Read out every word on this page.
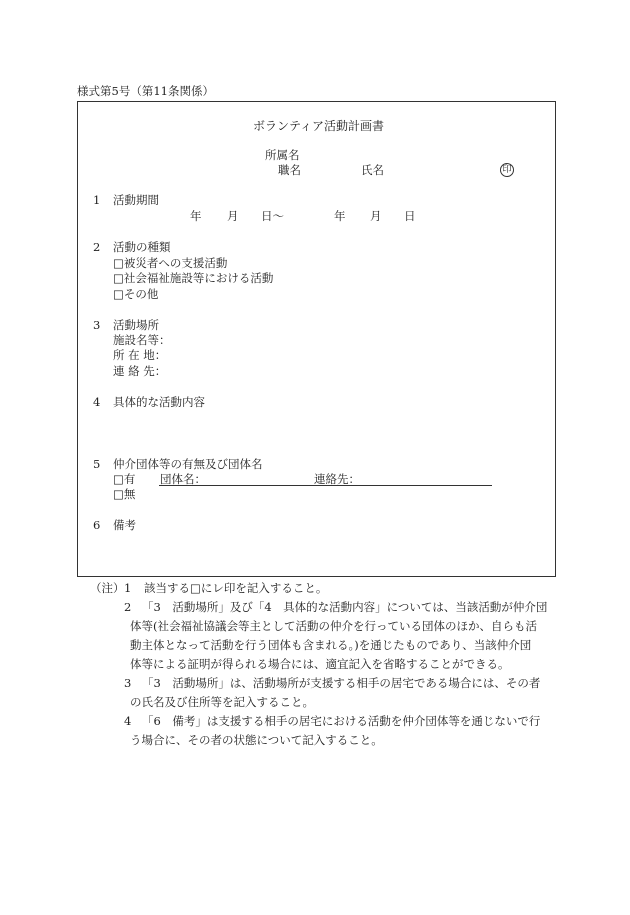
様式第5号（第11条関係）
ボランティア活動計画書
所属名
職名	氏名	印
1 活動期間
年 月 日～	年 月 日
2 活動の種類
□被災者への支援活動
□社会福祉施設等における活動
□その他
3 活動場所
施設名等：
所 在 地：
連 絡 先：
4 具体的な活動内容
5 仲介団体等の有無及び団体名
□有 団体名：	連絡先：
□無
6 備考
（注） 1 該当する□にレ印を記入すること。
2 「3　活動場所」及び「4　具体的な活動内容」については、当該活動が仲介団
体等(社会福祉協議会等主として活動の仲介を行っている団体のほか、自らも活
動主体となって活動を行う団体も含まれる。)を通じたものであり、当該仲介団
体等による証明が得られる場合には、適宜記入を省略することができる。
3 「3　活動場所」は、活動場所が支援する相手の居宅である場合には、その者
の氏名及び住所等を記入すること。
4 「6　備考」は支援する相手の居宅における活動を仲介団体等を通じないで行
う場合に、その者の状態について記入すること。
